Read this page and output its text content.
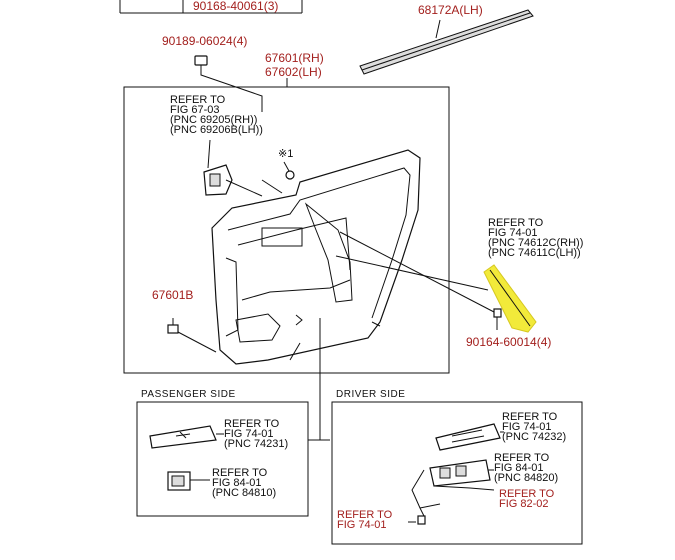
90168-40061(3)	68172A(LH)
90189-06024(4)
67601(RH)
67602(LH)
REFER TO
FIG 67-03
(PNC 69205(RH))
(PNC 69206B(LH))
※1
67601B
REFER TO
FIG 74-01
(PNC 74612C(RH))
(PNC 74611C(LH))
90164-60014(4)
PASSENGER SIDE
REFER TO
FIG 74-01
(PNC 74231)
REFER TO
FIG 84-01
(PNC 84810)
DRIVER SIDE
REFER TO
FIG 74-01
(PNC 74232)
REFER TO
FIG 84-01
(PNC 84820)
REFER TO
FIG 82-02
REFER TO
FIG 74-01
